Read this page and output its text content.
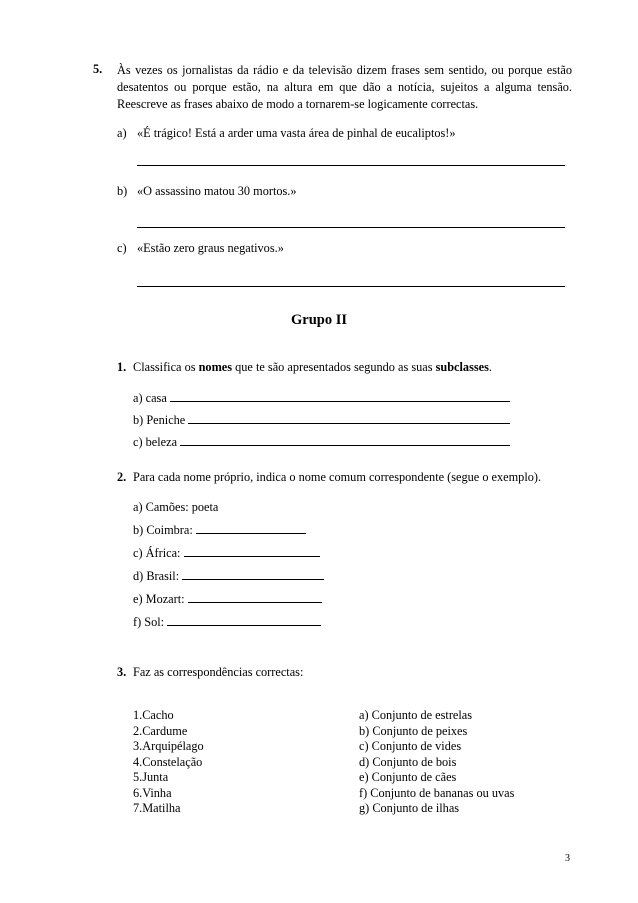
5. Às vezes os jornalistas da rádio e da televisão dizem frases sem sentido, ou porque estão desatentos ou porque estão, na altura em que dão a notícia, sujeitos a alguma tensão. Reescreve as frases abaixo de modo a tornarem-se logicamente correctas.
a) «É trágico! Está a arder uma vasta área de pinhal de eucaliptos!»
b) «O assassino matou 30 mortos.»
c) «Estão zero graus negativos.»
Grupo II
1. Classifica os nomes que te são apresentados segundo as suas subclasses.
a) casa
b) Peniche
c) beleza
2. Para cada nome próprio, indica o nome comum correspondente (segue o exemplo).
a) Camões: poeta
b) Coimbra:
c) África:
d) Brasil:
e) Mozart:
f) Sol:
3. Faz as correspondências correctas:
1.Cacho
2.Cardume
3.Arquipélago
4.Constelação
5.Junta
6.Vinha
7.Matilha
a) Conjunto de estrelas
b) Conjunto de peixes
c) Conjunto de vides
d) Conjunto de bois
e) Conjunto de cães
f) Conjunto de bananas ou uvas
g) Conjunto de ilhas
3
